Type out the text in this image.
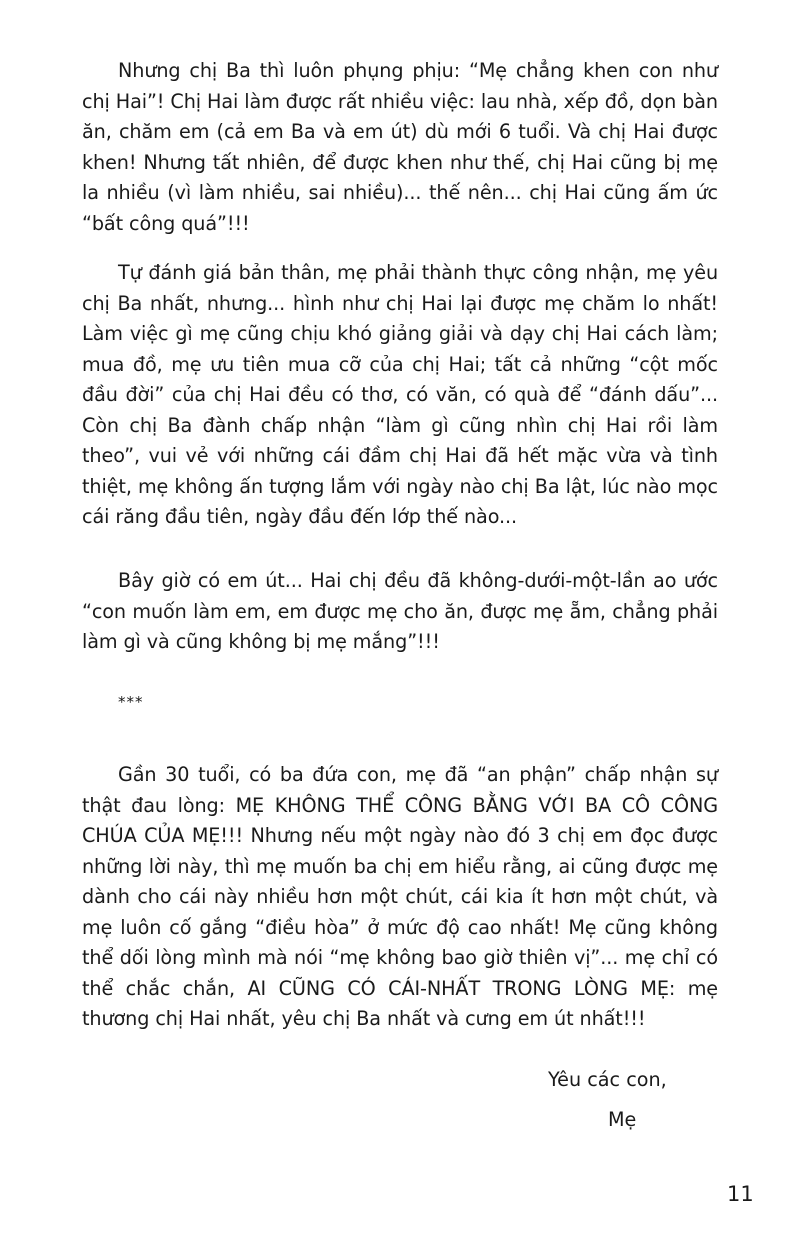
Nhưng chị Ba thì luôn phụng phịu: “Mẹ chẳng khen con như chị Hai”! Chị Hai làm được rất nhiều việc: lau nhà, xếp đồ, dọn bàn ăn, chăm em (cả em Ba và em út) dù mới 6 tuổi. Và chị Hai được khen! Nhưng tất nhiên, để được khen như thế, chị Hai cũng bị mẹ la nhiều (vì làm nhiều, sai nhiều)... thế nên... chị Hai cũng ấm ức “bất công quá”!!!

Tự đánh giá bản thân, mẹ phải thành thực công nhận, mẹ yêu chị Ba nhất, nhưng... hình như chị Hai lại được mẹ chăm lo nhất! Làm việc gì mẹ cũng chịu khó giảng giải và dạy chị Hai cách làm; mua đồ, mẹ ưu tiên mua cỡ của chị Hai; tất cả những “cột mốc đầu đời” của chị Hai đều có thơ, có văn, có quà để “đánh dấu”... Còn chị Ba đành chấp nhận “làm gì cũng nhìn chị Hai rồi làm theo”, vui vẻ với những cái đầm chị Hai đã hết mặc vừa và tình thiệt, mẹ không ấn tượng lắm với ngày nào chị Ba lật, lúc nào mọc cái răng đầu tiên, ngày đầu đến lớp thế nào...

Bây giờ có em út... Hai chị đều đã không-dưới-một-lần ao ước “con muốn làm em, em được mẹ cho ăn, được mẹ ẵm, chẳng phải làm gì và cũng không bị mẹ mắng”!!!

***

Gần 30 tuổi, có ba đứa con, mẹ đã “an phận” chấp nhận sự thật đau lòng: MẸ KHÔNG THỂ CÔNG BẰNG VỚI BA CÔ CÔNG CHÚA CỦA MẸ!!! Nhưng nếu một ngày nào đó 3 chị em đọc được những lời này, thì mẹ muốn ba chị em hiểu rằng, ai cũng được mẹ dành cho cái này nhiều hơn một chút, cái kia ít hơn một chút, và mẹ luôn cố gắng “điều hòa” ở mức độ cao nhất! Mẹ cũng không thể dối lòng mình mà nói “mẹ không bao giờ thiên vị”... mẹ chỉ có thể chắc chắn, AI CŨNG CÓ CÁI-NHẤT TRONG LÒNG MẸ: mẹ thương chị Hai nhất, yêu chị Ba nhất và cưng em út nhất!!!

Yêu các con,
Mẹ
11
